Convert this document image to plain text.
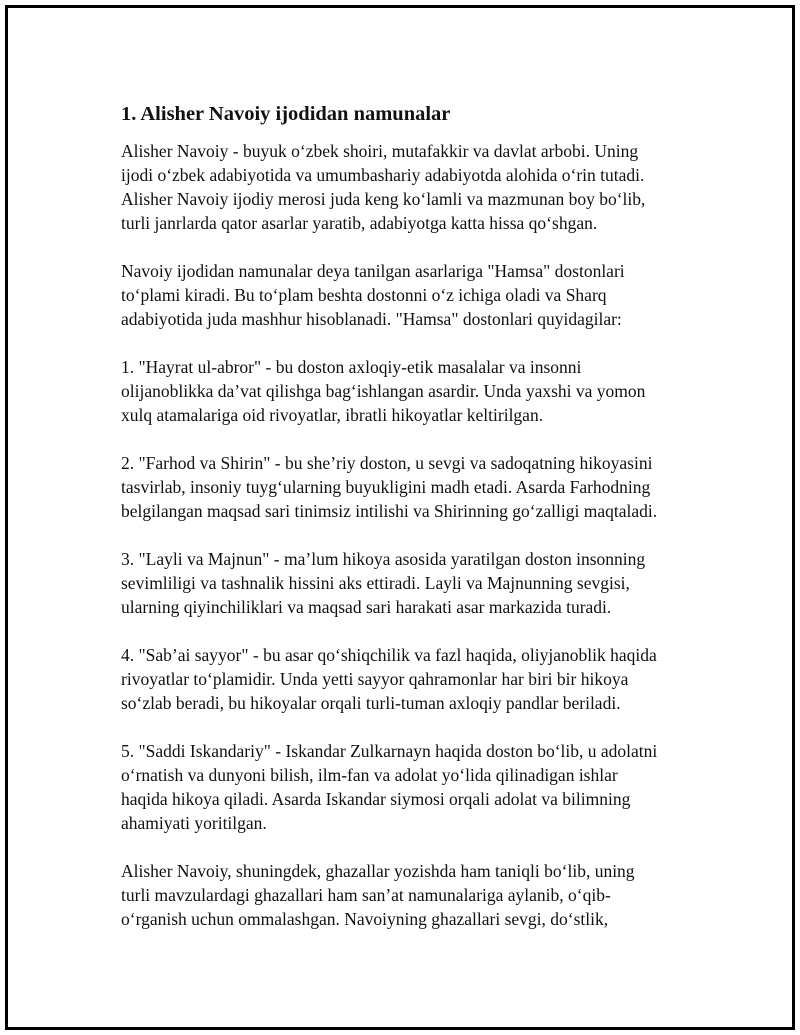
1. Alisher Navoiy ijodidan namunalar

Alisher Navoiy - buyuk o‘zbek shoiri, mutafakkir va davlat arbobi. Uning
ijodi o‘zbek adabiyotida va umumbashariy adabiyotda alohida o‘rin tutadi.
Alisher Navoiy ijodiy merosi juda keng ko‘lamli va mazmunan boy bo‘lib,
turli janrlarda qator asarlar yaratib, adabiyotga katta hissa qo‘shgan.

Navoiy ijodidan namunalar deya tanilgan asarlariga "Hamsa" dostonlari
to‘plami kiradi. Bu to‘plam beshta dostonni o‘z ichiga oladi va Sharq
adabiyotida juda mashhur hisoblanadi. "Hamsa" dostonlari quyidagilar:

1. "Hayrat ul-abror" - bu doston axloqiy-etik masalalar va insonni
olijanoblikka da’vat qilishga bag‘ishlangan asardir. Unda yaxshi va yomon
xulq atamalariga oid rivoyatlar, ibratli hikoyatlar keltirilgan.

2. "Farhod va Shirin" - bu she’riy doston, u sevgi va sadoqatning hikoyasini
tasvirlab, insoniy tuyg‘ularning buyukligini madh etadi. Asarda Farhodning
belgilangan maqsad sari tinimsiz intilishi va Shirinning go‘zalligi maqtaladi.

3. "Layli va Majnun" - ma’lum hikoya asosida yaratilgan doston insonning
sevimliligi va tashnalik hissini aks ettiradi. Layli va Majnunning sevgisi,
ularning qiyinchiliklari va maqsad sari harakati asar markazida turadi.

4. "Sab’ai sayyor" - bu asar qo‘shiqchilik va fazl haqida, oliyjanoblik haqida
rivoyatlar to‘plamidir. Unda yetti sayyor qahramonlar har biri bir hikoya
so‘zlab beradi, bu hikoyalar orqali turli-tuman axloqiy pandlar beriladi.

5. "Saddi Iskandariy" - Iskandar Zulkarnayn haqida doston bo‘lib, u adolatni
o‘rnatish va dunyoni bilish, ilm-fan va adolat yo‘lida qilinadigan ishlar
haqida hikoya qiladi. Asarda Iskandar siymosi orqali adolat va bilimning
ahamiyati yoritilgan.

Alisher Navoiy, shuningdek, ghazallar yozishda ham taniqli bo‘lib, uning
turli mavzulardagi ghazallari ham san’at namunalariga aylanib, o‘qib-
o‘rganish uchun ommalashgan. Navoiyning ghazallari sevgi, do‘stlik,
